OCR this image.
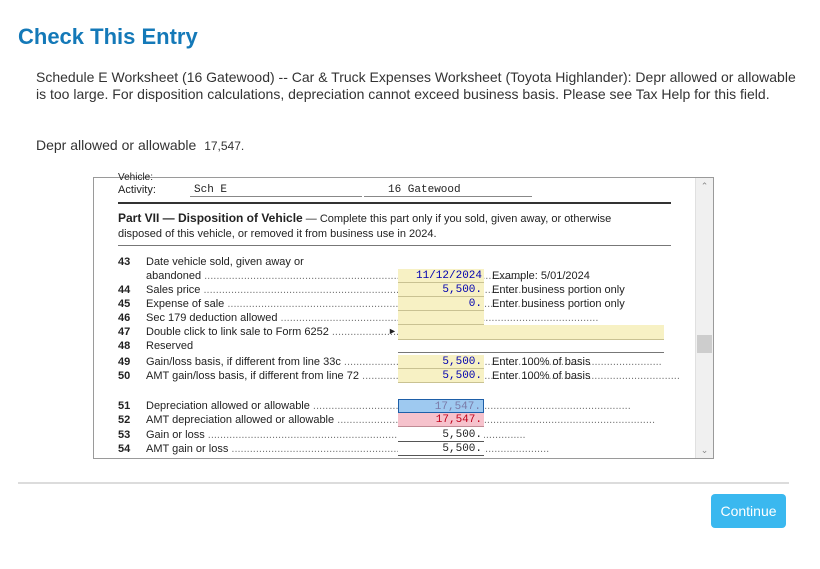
Check This Entry
Schedule E Worksheet (16 Gatewood) -- Car & Truck Expenses Worksheet (Toyota Highlander): Depr allowed or allowable is too large. For disposition calculations, depreciation cannot exceed business basis. Please see Tax Help for this field.
Depr allowed or allowable 17,547.
Vehicle:
Activity:	Sch E	16 Gatewood
Part VII — Disposition of Vehicle — Complete this part only if you sold, given away, or otherwise
disposed of this vehicle, or removed it from business use in 2024.
43	Date vehicle sold, given away or
abandoned .....	11/12/2024 Example: 5/01/2024
44	Sales price .....	5,500. Enter business portion only
45	Expense of sale .....	0. Enter business portion only
46	Sec 179 deduction allowed .....
47	Double click to link sale to Form 6252 .....	►
48	Reserved
49	Gain/loss basis, if different from line 33c .....	5,500. Enter 100% of basis
50	AMT gain/loss basis, if different from line 72 .....	5,500. Enter 100% of basis
51	Depreciation allowed or allowable .....	17,547.
52	AMT depreciation allowed or allowable .....	17,547.
53	Gain or loss .....	5,500.
54	AMT gain or loss .....	5,500.
⌃
⌄
Continue
